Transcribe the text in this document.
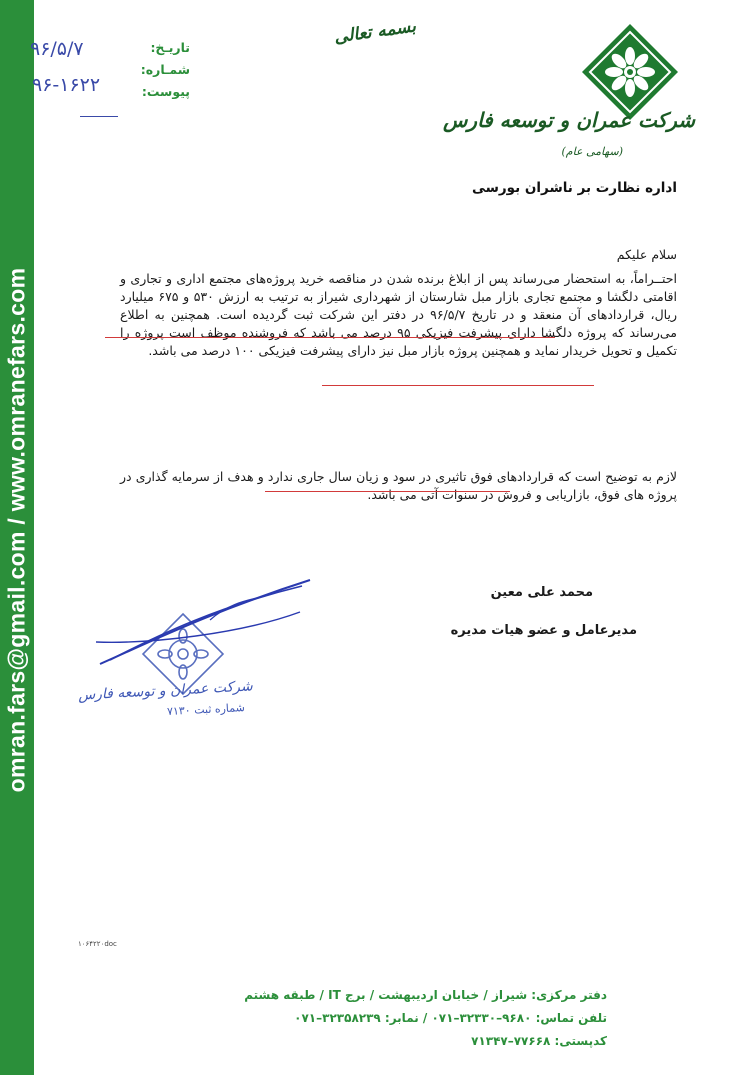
omran.fars@gmail.com / www.omranefars.com
بسمه تعالی
تاریـخ:
شمـاره:
پیوست:
۹۶/۵/۷
۹۶-۱۶۲۲
شرکت عمران و توسعه فارس
(سهامی عام)
اداره نظارت بر ناشران بورسی
سلام علیکم
احتــراماً، به استحضار می‌رساند پس از ابلاغ برنده شدن در مناقصه خرید پروژه‌های مجتمع اداری و تجاری و اقامتی دلگشا و مجتمع تجاری بازار مبل شارستان از شهرداری شیراز به ترتیب به ارزش ۵۳۰ و ۶۷۵ میلیارد ریال، قراردادهای آن منعقد و در تاریخ ۹۶/۵/۷ در دفتر این شرکت ثبت گردیده است. همچنین به اطلاع می‌رساند که پروژه دلگشا دارای پیشرفت فیزیکی ۹۵ درصد می باشد که فروشنده موظف است پروژه را تکمیل و تحویل خریدار نماید و همچنین پروژه بازار مبل نیز دارای پیشرفت فیزیکی ۱۰۰ درصد می باشد.
لازم به توضیح است که قراردادهای فوق تاثیری در سود و زیان سال جاری ندارد و هدف از سرمایه گذاری در پروژه های فوق، بازاریابی و فروش در سنوات آتی می باشد.
محمد علی معین
مدیرعامل و عضو هیات مدیره
شرکت عمران و توسعه فارس
شماره ثبت ۷۱۳۰
۱۰۶۴۲۲۰doc
دفتر مرکزی: شیراز / خیابان اردیبهشت / برج IT / طبقه هشتم
تلفن تماس: ۹۶۸۰–۳۲۳۳۰–۰۷۱ / نمابر: ۳۲۳۵۸۲۳۹–۰۷۱
کدپستی: ۷۷۶۶۸–۷۱۳۴۷
